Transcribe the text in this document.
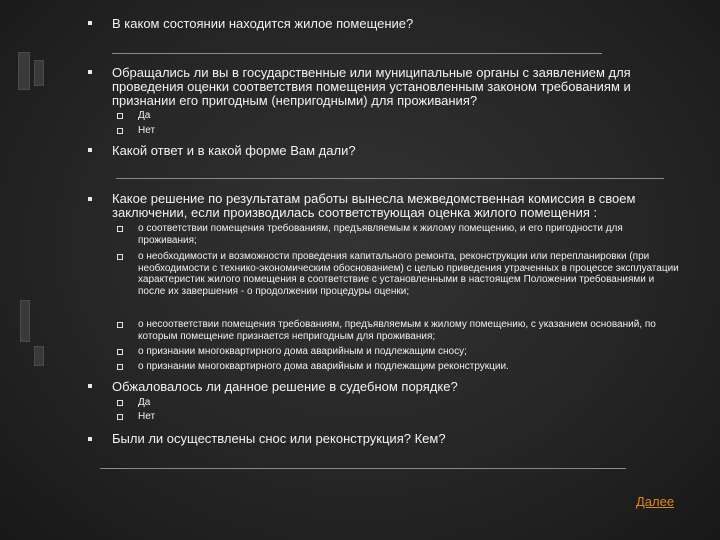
В каком состоянии находится жилое помещение?

Обращались ли вы в государственные или муниципальные органы с заявлением для проведения оценки соответствия помещения установленным законом требованиям и признании его пригодным (непригодными) для проживания?

Да

Нет

Какой ответ и в какой форме Вам дали?

Какое решение по результатам работы вынесла межведомственная комиссия в своем заключении, если производилась соответствующая оценка жилого помещения :

о соответствии помещения требованиям, предъявляемым к жилому помещению, и его пригодности для проживания;

о необходимости и возможности проведения капитального ремонта, реконструкции или перепланировки (при необходимости с технико-экономическим обоснованием) с целью приведения утраченных в процессе эксплуатации характеристик жилого помещения в соответствие с установленными в настоящем Положении требованиями и после их завершения - о продолжении процедуры оценки;

о несоответствии помещения требованиям, предъявляемым к жилому помещению, с указанием оснований, по которым помещение признается непригодным для проживания;

о признании многоквартирного дома аварийным и подлежащим сносу;

о признании многоквартирного дома аварийным и подлежащим реконструкции.

Обжаловалось ли данное решение в судебном порядке?

Да

Нет

Были ли осуществлены снос или реконструкция? Кем?

Далее
